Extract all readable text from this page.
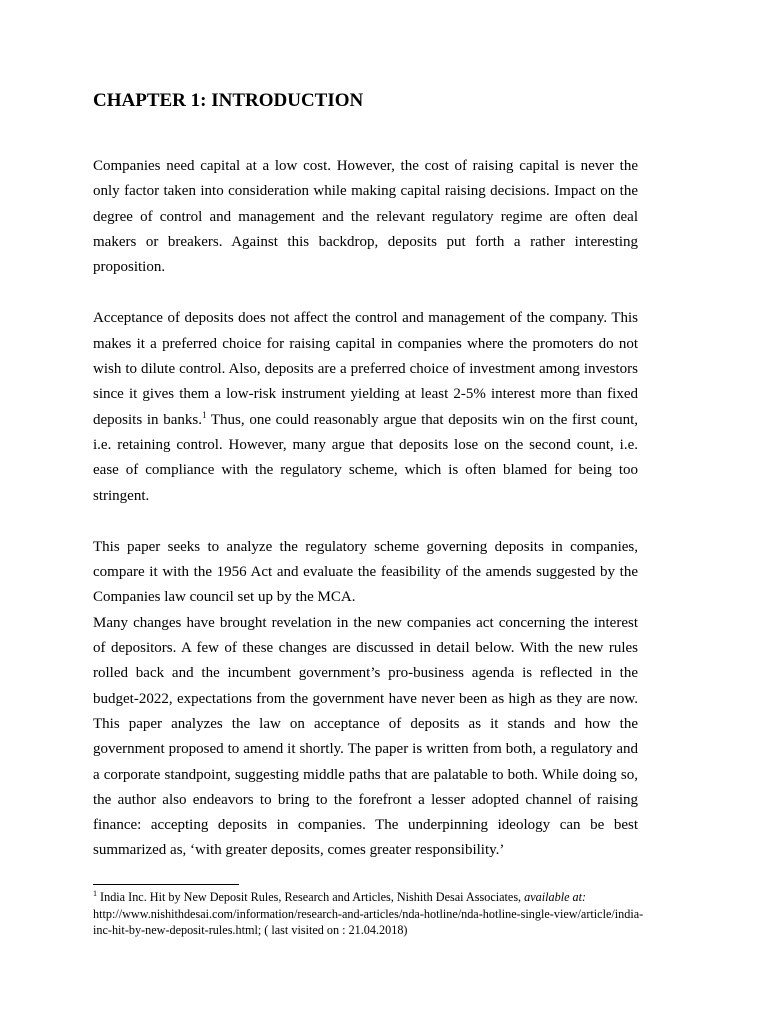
CHAPTER 1: INTRODUCTION

Companies need capital at a low cost. However, the cost of raising capital is never the only factor taken into consideration while making capital raising decisions. Impact on the degree of control and management and the relevant regulatory regime are often deal makers or breakers. Against this backdrop, deposits put forth a rather interesting proposition.

Acceptance of deposits does not affect the control and management of the company. This makes it a preferred choice for raising capital in companies where the promoters do not wish to dilute control. Also, deposits are a preferred choice of investment among investors since it gives them a low-risk instrument yielding at least 2-5% interest more than fixed deposits in banks.$^1$ Thus, one could reasonably argue that deposits win on the first count, i.e. retaining control. However, many argue that deposits lose on the second count, i.e. ease of compliance with the regulatory scheme, which is often blamed for being too stringent.

This paper seeks to analyze the regulatory scheme governing deposits in companies, compare it with the 1956 Act and evaluate the feasibility of the amends suggested by the Companies law council set up by the MCA.

Many changes have brought revelation in the new companies act concerning the interest of depositors. A few of these changes are discussed in detail below. With the new rules rolled back and the incumbent government’s pro-business agenda is reflected in the budget-2022, expectations from the government have never been as high as they are now. This paper analyzes the law on acceptance of deposits as it stands and how the government proposed to amend it shortly. The paper is written from both, a regulatory and a corporate standpoint, suggesting middle paths that are palatable to both. While doing so, the author also endeavors to bring to the forefront a lesser adopted channel of raising finance: accepting deposits in companies. The underpinning ideology can be best summarized as, ‘with greater deposits, comes greater responsibility.’

$^1$ India Inc. Hit by New Deposit Rules, Research and Articles, Nishith Desai Associates, available at:
http://www.nishithdesai.com/information/research-and-articles/nda-hotline/nda-hotline-single-view/article/india-inc-hit-by-new-deposit-rules.html; ( last visited on : 21.04.2018)
